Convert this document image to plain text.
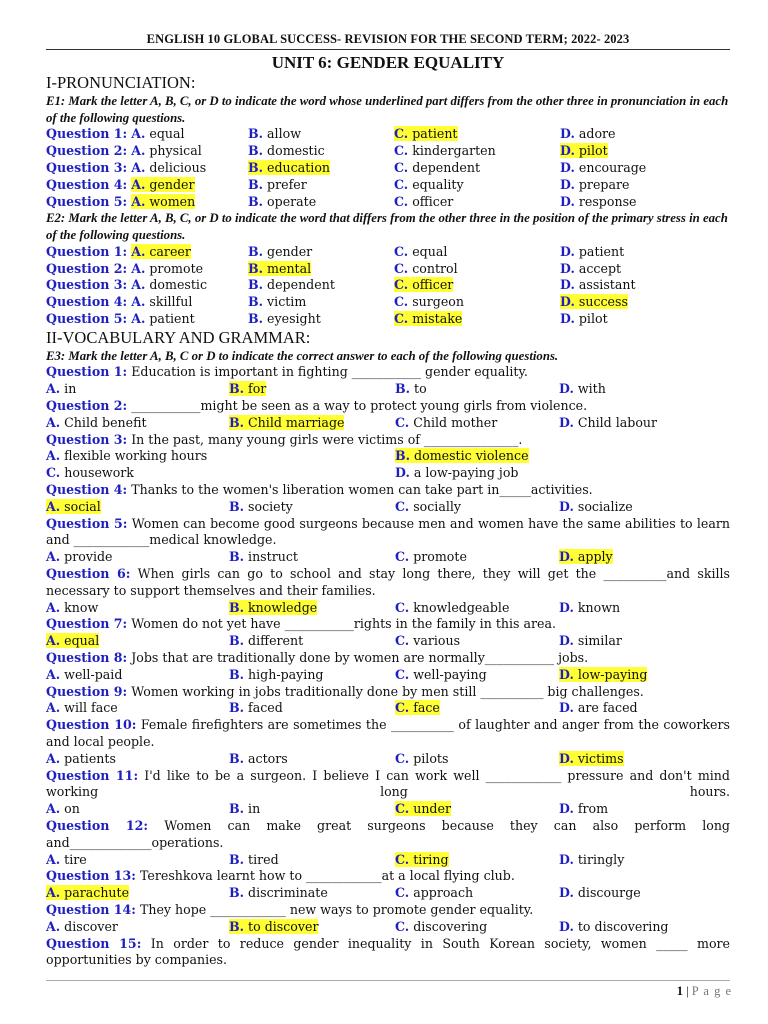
ENGLISH 10 GLOBAL SUCCESS- REVISION FOR THE SECOND TERM; 2022- 2023
UNIT 6: GENDER EQUALITY
I-PRONUNCIATION:
E1: Mark the letter A, B, C, or D to indicate the word whose underlined part differs from the other three in pronunciation in each of the following questions.
Question 1: A. equal	B. allow	C. patient	D. adore
Question 2: A. physical	B. domestic	C. kindergarten	D. pilot
Question 3: A. delicious	B. education	C. dependent	D. encourage
Question 4: A. gender	B. prefer	C. equality	D. prepare
Question 5: A. women	B. operate	C. officer	D. response
E2: Mark the letter A, B, C, or D to indicate the word that differs from the other three in the position of the primary stress in each of the following questions.
Question 1: A. career	B. gender	C. equal	D. patient
Question 2: A. promote	B. mental	C. control	D. accept
Question 3: A. domestic	B. dependent	C. officer	D. assistant
Question 4: A. skillful	B. victim	C. surgeon	D. success
Question 5: A. patient	B. eyesight	C. mistake	D. pilot
II-VOCABULARY AND GRAMMAR:
E3: Mark the letter A, B, C or D to indicate the correct answer to each of the following questions.
Question 1: Education is important in fighting ___________ gender equality.
A. in	B. for	B. to	D. with
Question 2: ___________might be seen as a way to protect young girls from violence.
A. Child benefit	B. Child marriage	C. Child mother	D. Child labour
Question 3: In the past, many young girls were victims of _______________.
A. flexible working hours	B. domestic violence
C. housework	D. a low-paying job
Question 4: Thanks to the women's liberation women can take part in_____activities.
A. social	B. society	C. socially	D. socialize
Question 5: Women can become good surgeons because men and women have the same abilities to learn and ____________medical knowledge.
A. provide	B. instruct	C. promote	D. apply
Question 6: When girls can go to school and stay long there, they will get the __________and skills necessary to support themselves and their families.
A. know	B. knowledge	C. knowledgeable	D. known
Question 7: Women do not yet have ___________rights in the family in this area.
A. equal	B. different	C. various	D. similar
Question 8: Jobs that are traditionally done by women are normally___________ jobs.
A. well-paid	B. high-paying	C. well-paying	D. low-paying
Question 9: Women working in jobs traditionally done by men still __________ big challenges.
A. will face	B. faced	C. face	D. are faced
Question 10: Female firefighters are sometimes the __________ of laughter and anger from the coworkers and local people.
A. patients	B. actors	C. pilots	D. victims
Question 11: I'd like to be a surgeon. I believe I can work well ____________ pressure and don't mind working long hours.
A. on	B. in	C. under	D. from
Question 12: Women can make great surgeons because they can also perform long and_____________operations.
A. tire	B. tired	C. tiring	D. tiringly
Question 13: Tereshkova learnt how to ____________at a local flying club.
A. parachute	B. discriminate	C. approach	D. discourge
Question 14: They hope ____________ new ways to promote gender equality.
A. discover	B. to discover	C. discovering	D. to discovering
Question 15: In order to reduce gender inequality in South Korean society, women _____ more opportunities by companies.
1 | P a g e
